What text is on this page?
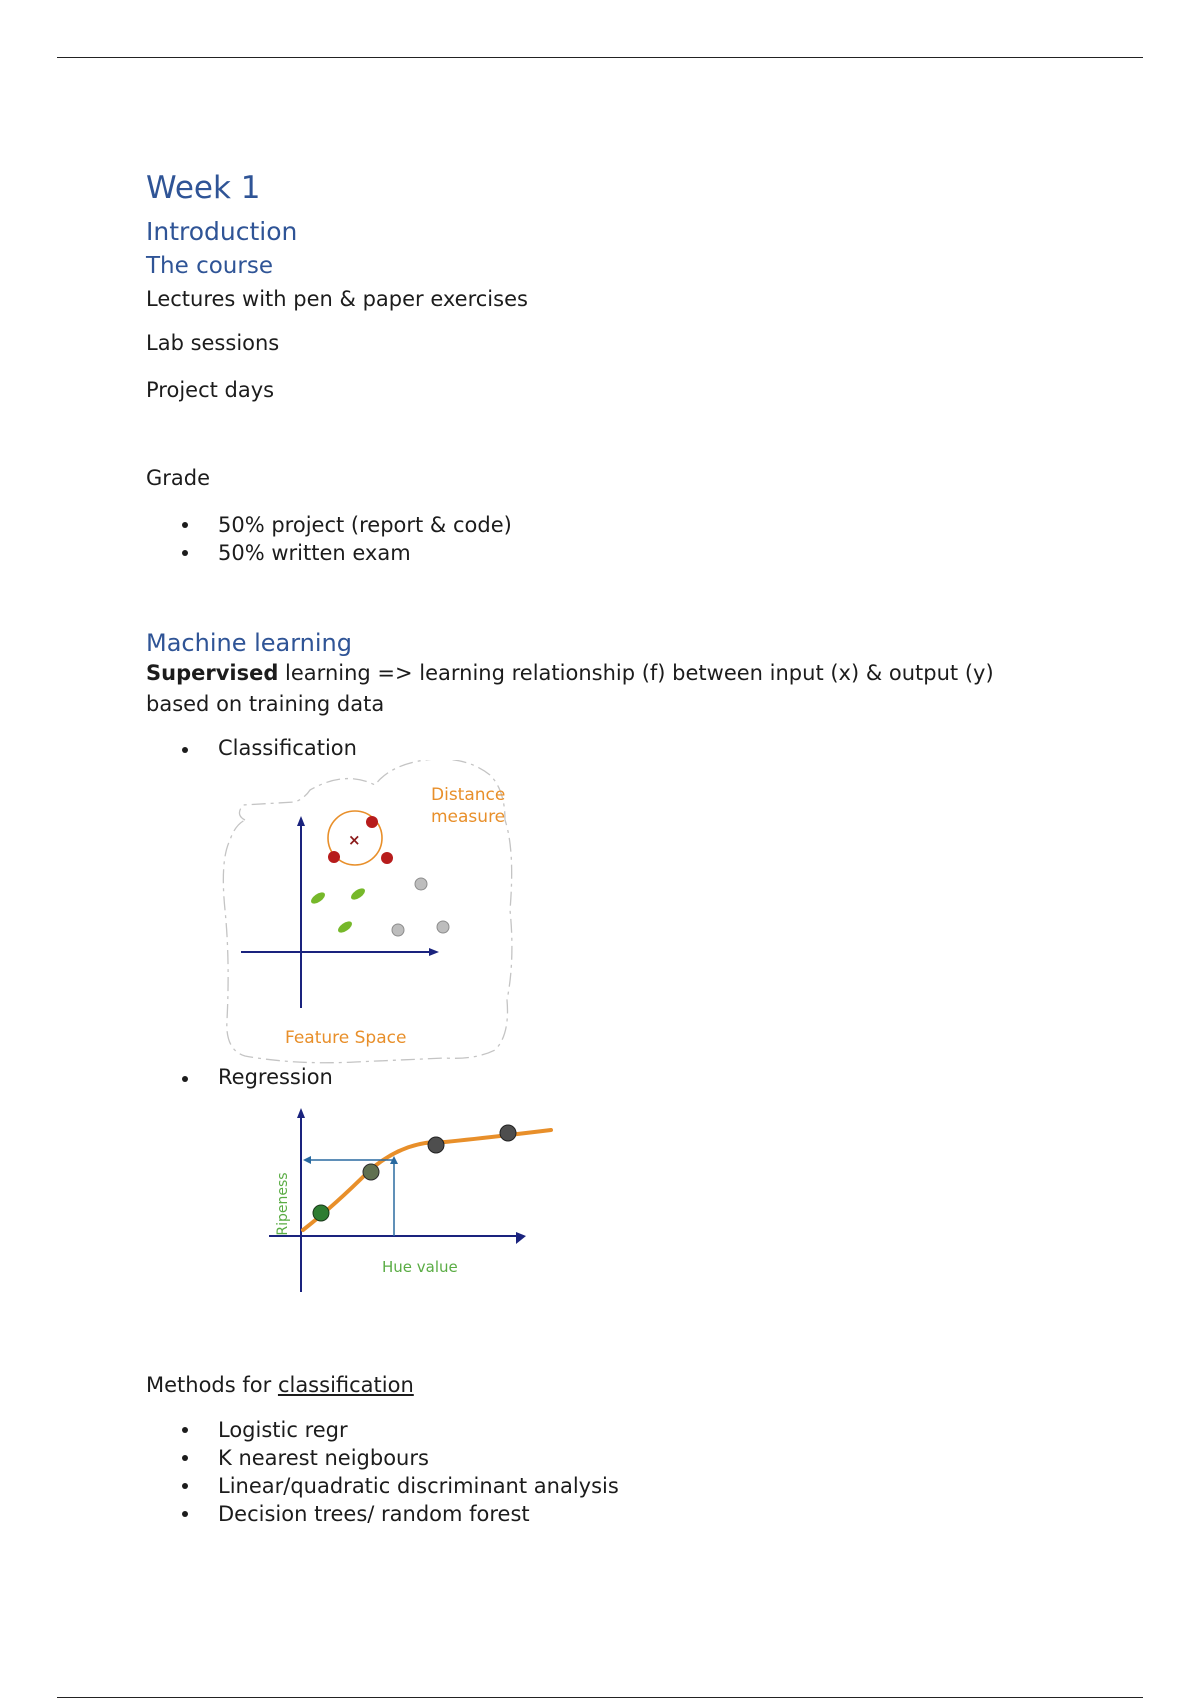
Week 1
Introduction
The course

Lectures with pen & paper exercises

Lab sessions

Project days

Grade

50% project (report & code)
50% written exam
Machine learning

Supervised learning => learning relationship (f) between input (x) & output (y)

based on training data

Classification
×
Distance
measure
Feature Space
Regression
Ripeness
Hue value

Methods for classification

Logistic regr
K nearest neigbours
Linear/quadratic discriminant analysis
Decision trees/ random forest
